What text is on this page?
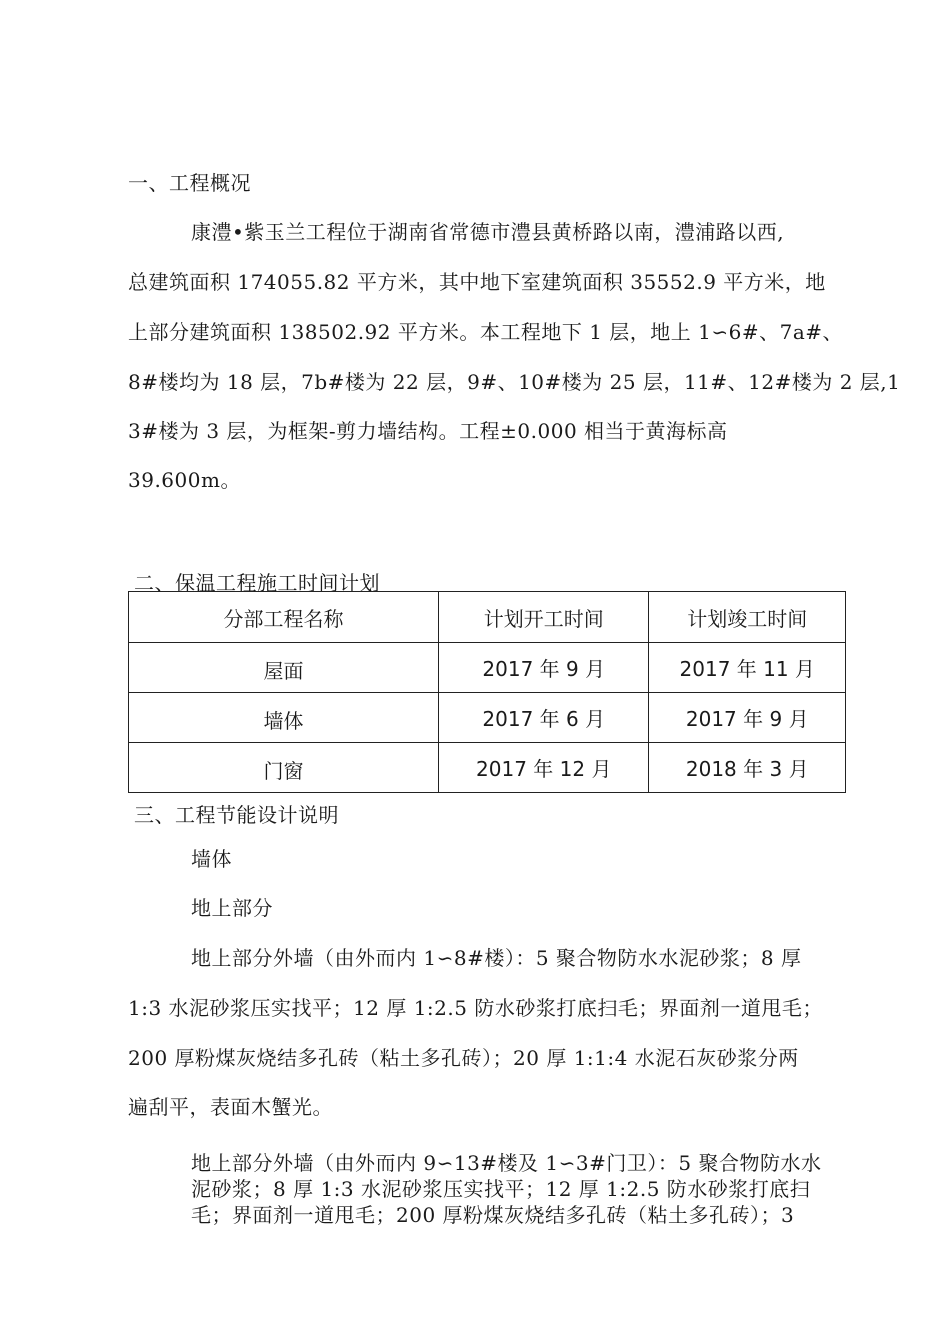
一、工程概况
康澧•紫玉兰工程位于湖南省常德市澧县黄桥路以南，澧浦路以西,
总建筑面积 174055.82 平方米，其中地下室建筑面积 35552.9 平方米，地
上部分建筑面积 138502.92 平方米。本工程地下 1 层，地上 1∽6#、7a#、
8#楼均为 18 层，7b#楼为 22 层，9#、10#楼为 25 层，11#、12#楼为 2 层,1
3#楼为 3 层，为框架-剪力墙结构。工程±0.000 相当于黄海标高
39.600m。
二、保温工程施工时间计划
分部工程名称	计划开工时间	计划竣工时间

屋面	2017 年 9 月	2017 年 11 月

墙体	2017 年 6 月	2017 年 9 月

门窗	2017 年 12 月	2018 年 3 月
三、工程节能设计说明
墙体
地上部分
地上部分外墙（由外而内 1∽8#楼）：5 聚合物防水水泥砂浆；8 厚
1:3 水泥砂浆压实找平；12 厚 1:2.5 防水砂浆打底扫毛；界面剂一道甩毛；
200 厚粉煤灰烧结多孔砖（粘土多孔砖）；20 厚 1:1:4 水泥石灰砂浆分两
遍刮平，表面木蟹光。
地上部分外墙（由外而内 9∽13#楼及 1∽3#门卫）：5 聚合物防水水
泥砂浆；8 厚 1:3 水泥砂浆压实找平；12 厚 1:2.5 防水砂浆打底扫
毛；界面剂一道甩毛；200 厚粉煤灰烧结多孔砖（粘土多孔砖）；3
